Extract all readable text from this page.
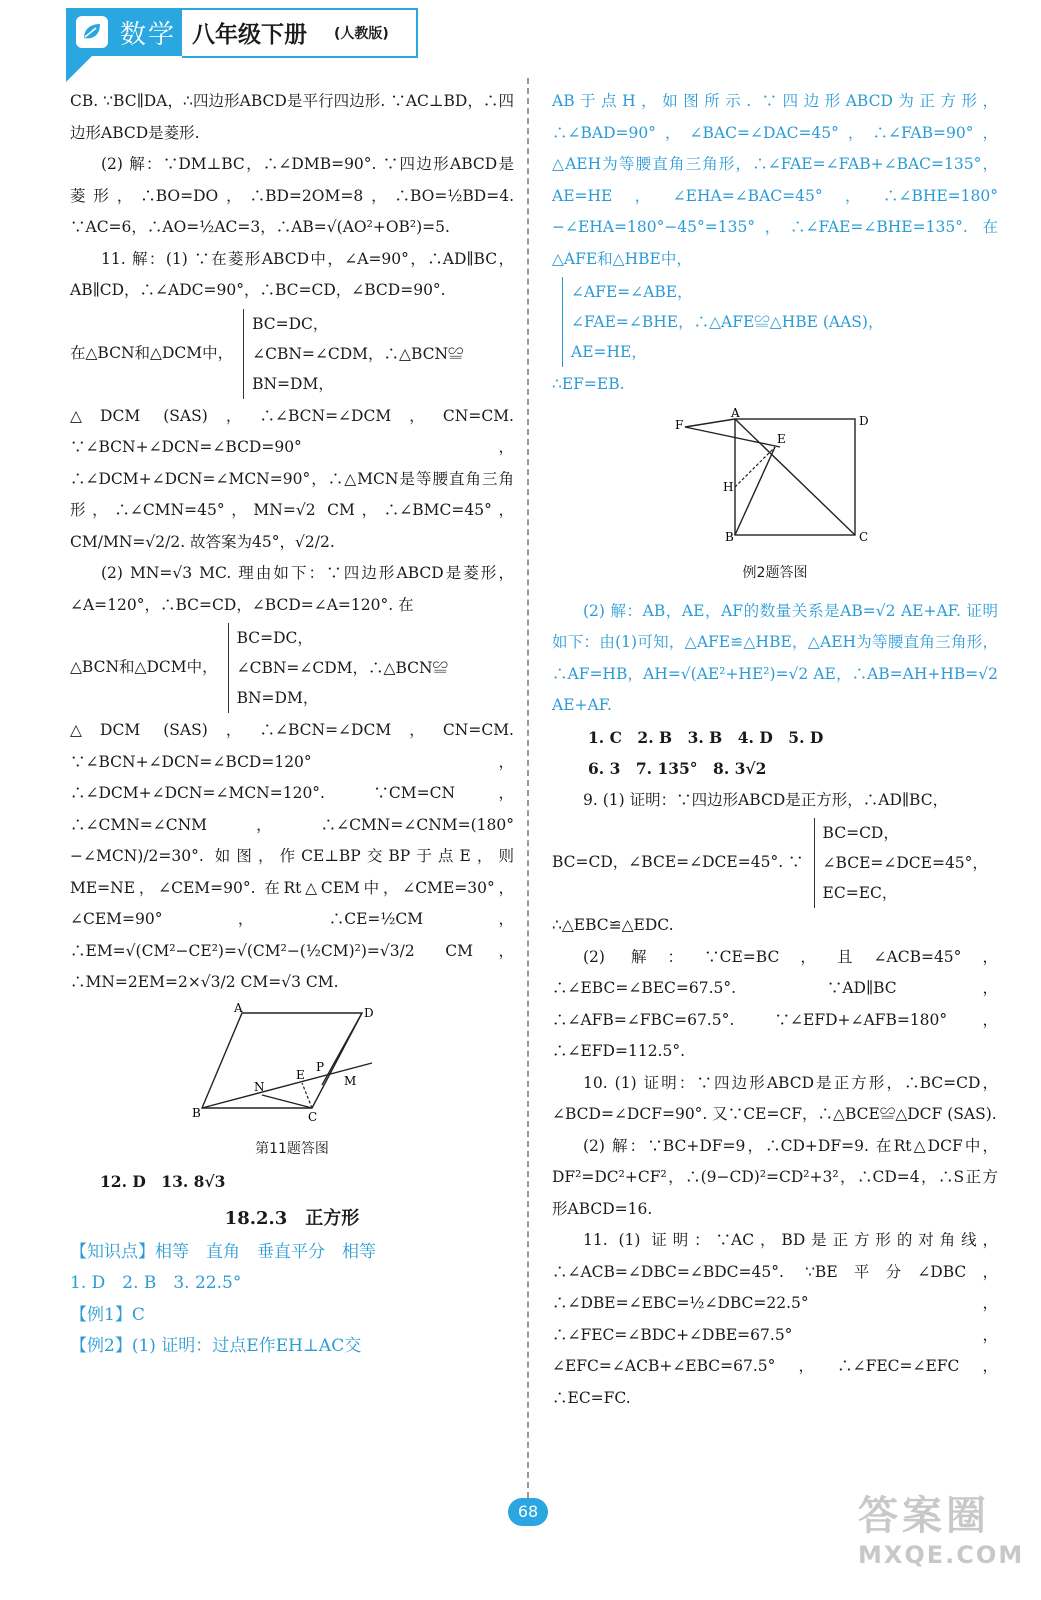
数学 八年级下册 (人教版)

CB. ∵BC∥DA，∴四边形ABCD是平行四边形. ∵AC⊥BD，∴四边形ABCD是菱形.

(2) 解：∵DM⊥BC，∴∠DMB=90°. ∵四边形ABCD是菱形，∴BO=DO，∴BD=2OM=8，∴BO=½BD=4. ∵AC=6，∴AO=½AC=3，∴AB=√(AO²+OB²)=5.

11. 解：(1) ∵在菱形ABCD中，∠A=90°，∴AD∥BC，AB∥CD，∴∠ADC=90°，∴BC=CD，∠BCD=90°.

在△BCN和△DCM中，
BC=DC，
∠CBN=∠CDM，∴△BCN≌
BN=DM，

△DCM (SAS)，∴∠BCN=∠DCM，CN=CM. ∵∠BCN+∠DCN=∠BCD=90°，∴∠DCM+∠DCN=∠MCN=90°，∴△MCN是等腰直角三角形，∴∠CMN=45°，MN=√2 CM，∴∠BMC=45°，CM/MN=√2/2. 故答案为45°，√2/2.

(2) MN=√3 MC. 理由如下：∵四边形ABCD是菱形，∠A=120°，∴BC=CD，∠BCD=∠A=120°. 在

△BCN和△DCM中，
BC=DC，
∠CBN=∠CDM，∴△BCN≌
BN=DM，

△DCM (SAS)，∴∠BCN=∠DCM，CN=CM. ∵∠BCN+∠DCN=∠BCD=120°，∴∠DCM+∠DCN=∠MCN=120°. ∵CM=CN，∴∠CMN=∠CNM，∴∠CMN=∠CNM=(180°−∠MCN)/2=30°. 如图，作CE⊥BP交BP于点E，则ME=NE，∠CEM=90°. 在Rt△CEM中，∠CME=30°，∠CEM=90°，∴CE=½CM，∴EM=√(CM²−CE²)=√(CM²−(½CM)²)=√3/2 CM，∴MN=2EM=2×√3/2 CM=√3 CM.

A	D
B	C
N
E
P
M
第11题答图

12. D　13. 8√3

18.2.3　正方形

【知识点】相等　直角　垂直平分　相等

1. D　2. B　3. 22.5°

【例1】C

【例2】(1) 证明：过点E作EH⊥AC交

AB于点H，如图所示. ∵四边形ABCD为正方形，∴∠BAD=90°，∠BAC=∠DAC=45°，∴∠FAB=90°，△AEH为等腰直角三角形，∴∠FAE=∠FAB+∠BAC=135°，AE=HE，∠EHA=∠BAC=45°，∴∠BHE=180°−∠EHA=180°−45°=135°，∴∠FAE=∠BHE=135°. 在△AFE和△HBE中，

∠AFE=∠ABE，
∠FAE=∠BHE，∴△AFE≌△HBE (AAS)，
AE=HE，

∴EF=EB.

A
D
F
E
H
B	C
例2题答图

(2) 解：AB，AE，AF的数量关系是AB=√2 AE+AF. 证明如下：由(1)可知，△AFE≌△HBE，△AEH为等腰直角三角形，∴AF=HB，AH=√(AE²+HE²)=√2 AE，∴AB=AH+HB=√2 AE+AF.

1. C　2. B　3. B　4. D　5. D

6. 3　7. 135°　8. 3√2

9. (1) 证明：∵四边形ABCD是正方形，∴AD∥BC，

BC=CD，∠BCE=∠DCE=45°. ∵
BC=CD，
∠BCE=∠DCE=45°，
EC=EC，

∴△EBC≌△EDC.

(2) 解：∵CE=BC，且∠ACB=45°，∴∠EBC=∠BEC=67.5°. ∵AD∥BC，∴∠AFB=∠FBC=67.5°. ∵∠EFD+∠AFB=180°，∴∠EFD=112.5°.

10. (1) 证明：∵四边形ABCD是正方形，∴BC=CD，∠BCD=∠DCF=90°. 又∵CE=CF，∴△BCE≌△DCF (SAS).

(2) 解：∵BC+DF=9，∴CD+DF=9. 在Rt△DCF中，DF²=DC²+CF²，∴(9−CD)²=CD²+3²，∴CD=4，∴S正方形ABCD=16.

11. (1) 证明：∵AC，BD是正方形的对角线，∴∠ACB=∠DBC=∠BDC=45°. ∵BE平分∠DBC，∴∠DBE=∠EBC=½∠DBC=22.5°，∴∠FEC=∠BDC+∠DBE=67.5°，∠EFC=∠ACB+∠EBC=67.5°，∴∠FEC=∠EFC，∴EC=FC.

68	答案圈
MXQE.COM
